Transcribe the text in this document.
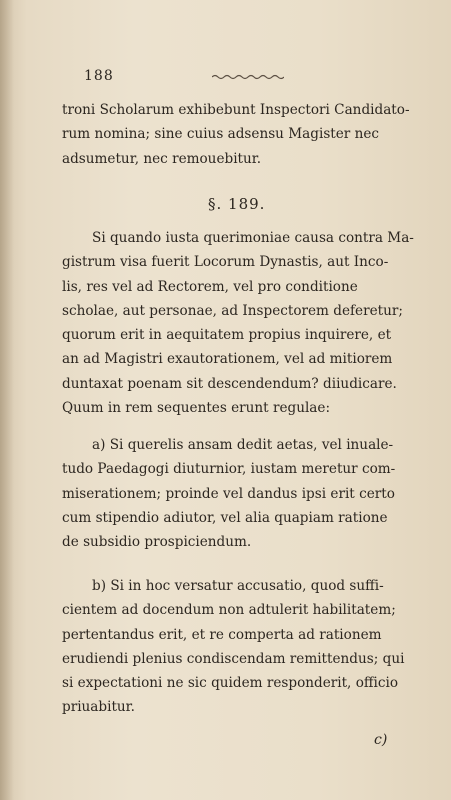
188
troni Scholarum exhibebunt Inspectori Candidato-
rum nomina; sine cuius adsensu Magister nec
adsumetur, nec remouebitur.
§. 189.
Si quando iusta querimoniae causa contra Ma-
gistrum visa fuerit Locorum Dynastis, aut Inco-
lis, res vel ad Rectorem, vel pro conditione
scholae, aut personae, ad Inspectorem deferetur;
quorum erit in aequitatem propius inquirere, et
an ad Magistri exautorationem, vel ad mitiorem
duntaxat poenam sit descendendum? diiudicare.
Quum in rem sequentes erunt regulae:
a) Si querelis ansam dedit aetas, vel inuale-
tudo Paedagogi diuturnior, iustam meretur com-
miserationem; proinde vel dandus ipsi erit certo
cum stipendio adiutor, vel alia quapiam ratione
de subsidio prospiciendum.
b) Si in hoc versatur accusatio, quod suffi-
cientem ad docendum non adtulerit habilitatem;
pertentandus erit, et re comperta ad rationem
erudiendi plenius condiscendam remittendus; qui
si expectationi ne sic quidem responderit, officio
priuabitur.
c)
